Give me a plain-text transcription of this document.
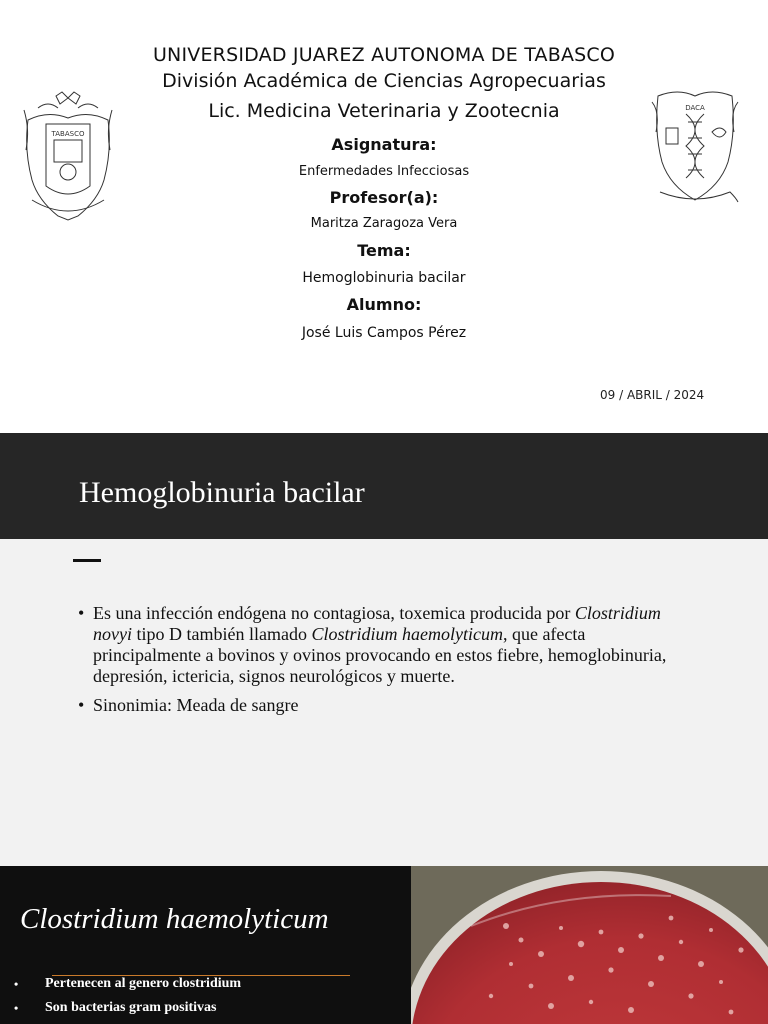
TABASCO
UNIVERSIDAD JUAREZ AUTONOMA DE TABASCO
División Académica de Ciencias Agropecuarias
Lic. Medicina Veterinaria y Zootecnia
Asignatura:
Enfermedades Infecciosas
Profesor(a):
Maritza Zaragoza Vera
Tema:
Hemoglobinuria bacilar
Alumno:
José Luis Campos Pérez
DACA
09 / ABRIL / 2024
Hemoglobinuria bacilar
• Es una infección endógena no contagiosa, toxemica producida por Clostridium novyi tipo D también llamado Clostridium haemolyticum, que afecta principalmente a bovinos y ovinos provocando en estos fiebre, hemoglobinuria, depresión, ictericia, signos neurológicos y muerte.
• Sinonimia: Meada de sangre
Clostridium haemolyticum
• Pertenecen al genero clostridium
• Son bacterias gram positivas
